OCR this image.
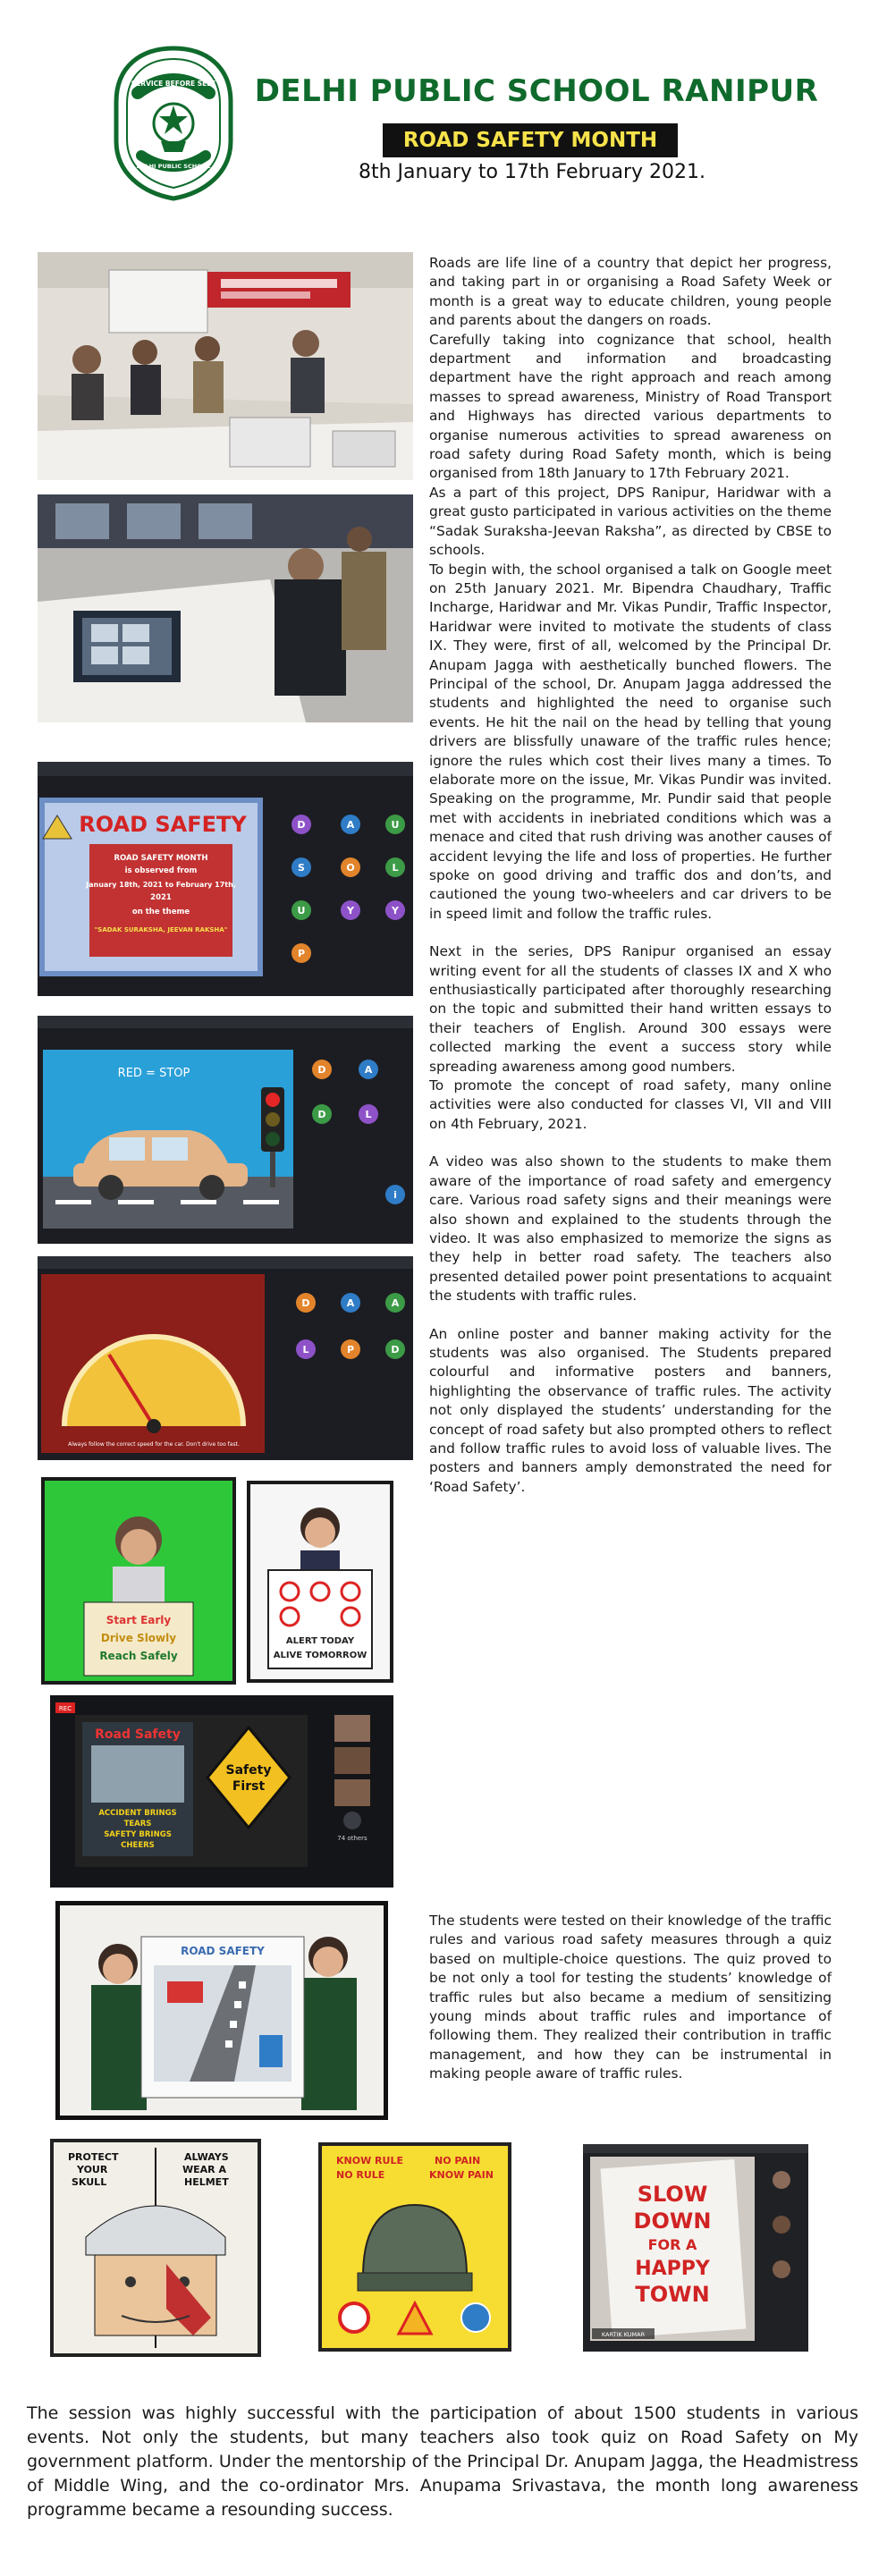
SERVICE BEFORE SELF
DELHI PUBLIC SCHOOL
DELHI PUBLIC SCHOOL RANIPUR
ROAD SAFETY MONTH
8th January to 17th February 2021.
ROAD SAFETY
ROAD SAFETY MONTH
is observed from
January 18th, 2021 to February 17th,
2021
on the theme
"SADAK SURAKSHA, JEEVAN RAKSHA"
D	A	U
S	O	L
U	Y	Y
P
RED = STOP	D	A
D	L
i
Always follow the correct speed for the car. Don't drive too fast.
D	A	A
L	P	D
Start Early
Drive Slowly
Reach Safely
ALERT TODAY
ALIVE TOMORROW
REC
Road Safety
ACCIDENT BRINGS
TEARS
SAFETY BRINGS
CHEERS
Safety
First
74 others
ROAD SAFETY
PROTECT
YOUR
SKULL
ALWAYS
WEAR A
HELMET
KNOW RULE	NO PAIN
NO RULE	KNOW PAIN
SLOW
DOWN
FOR A
HAPPY
TOWN
KARTIK KUMAR

Roads are life line of a country that depict her progress, and taking part in or organising a Road Safety Week or month is a great way to educate children, young people and parents about the dangers on roads.

Carefully taking into cognizance that school, health department and information and broadcasting department have the right approach and reach among masses to spread awareness, Ministry of Road Transport and Highways has directed various departments to organise numerous activities to spread awareness on road safety during Road Safety month, which is being organised from 18th January to 17th February 2021.

As a part of this project, DPS Ranipur, Haridwar with a great gusto participated in various activities on the theme “Sadak Suraksha-Jeevan Raksha”, as directed by CBSE to schools.

To begin with, the school organised a talk on Google meet on 25th January 2021. Mr. Bipendra Chaudhary, Traffic Incharge, Haridwar and Mr. Vikas Pundir, Traffic Inspector, Haridwar were invited to motivate the students of class IX. They were, first of all, welcomed by the Principal Dr. Anupam Jagga with aesthetically bunched flowers. The Principal of the school, Dr. Anupam Jagga addressed the students and highlighted the need to organise such events. He hit the nail on the head by telling that young drivers are blissfully unaware of the traffic rules hence; ignore the rules which cost their lives many a times. To elaborate more on the issue, Mr. Vikas Pundir was invited. Speaking on the programme, Mr. Pundir said that people met with accidents in inebriated conditions which was a menace and cited that rush driving was another causes of accident levying the life and loss of properties. He further spoke on good driving and traffic dos and don’ts, and cautioned the young two-wheelers and car drivers to be in speed limit and follow the traffic rules.

Next in the series, DPS Ranipur organised an essay writing event for all the students of classes IX and X who enthusiastically participated after thoroughly researching on the topic and submitted their hand written essays to their teachers of English. Around 300 essays were collected marking the event a success story while spreading awareness among good numbers.

To promote the concept of road safety, many online activities were also conducted for classes VI, VII and VIII on 4th February, 2021.

A video was also shown to the students to make them aware of the importance of road safety and emergency care. Various road safety signs and their meanings were also shown and explained to the students through the video. It was also emphasized to memorize the signs as they help in better road safety. The teachers also presented detailed power point presentations to acquaint the students with traffic rules.

An online poster and banner making activity for the students was also organised. The Students prepared colourful and informative posters and banners, highlighting the observance of traffic rules. The activity not only displayed the students’ understanding for the concept of road safety but also prompted others to reflect and follow traffic rules to avoid loss of valuable lives. The posters and banners amply demonstrated the need for ‘Road Safety’.

The students were tested on their knowledge of the traffic rules and various road safety measures through a quiz based on multiple-choice questions. The quiz proved to be not only a tool for testing the students’ knowledge of traffic rules but also became a medium of sensitizing young minds about traffic rules and importance of following them. They realized their contribution in traffic management, and how they can be instrumental in making people aware of traffic rules.

The session was highly successful with the participation of about 1500 students in various events. Not only the students, but many teachers also took quiz on Road Safety on My government platform. Under the mentorship of the Principal Dr. Anupam Jagga, the Headmistress of Middle Wing, and the co-ordinator Mrs. Anupama Srivastava, the month long awareness programme became a resounding success.
